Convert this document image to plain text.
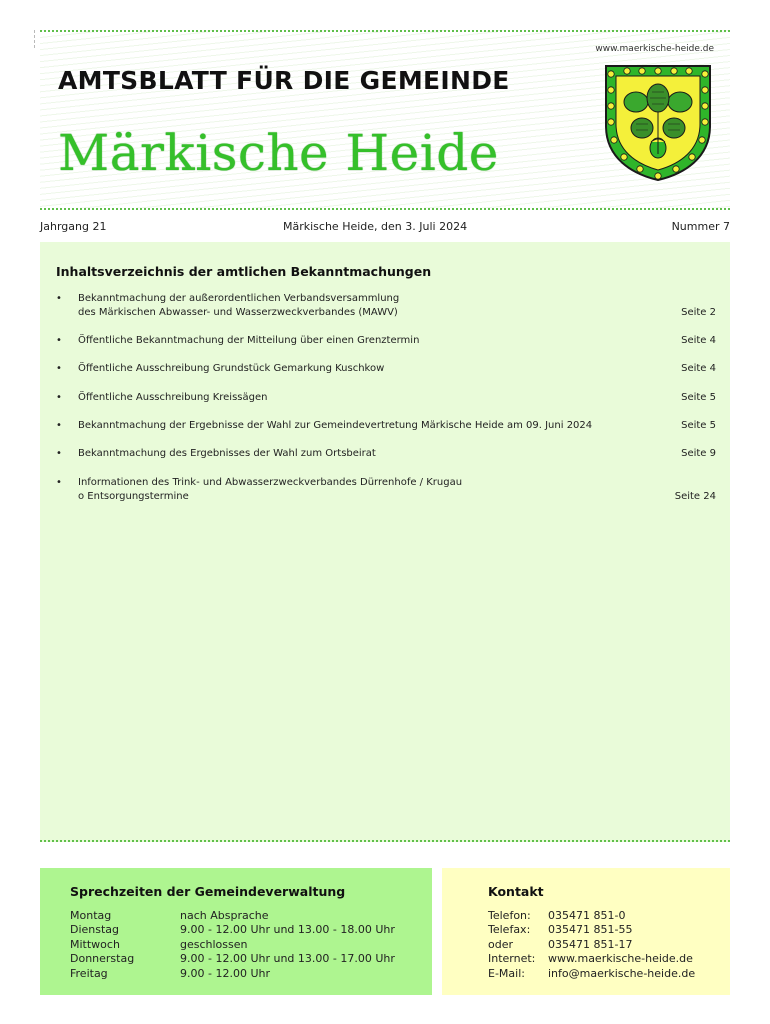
www.maerkische-heide.de
AMTSBLATT FÜR DIE GEMEINDE
Märkische Heide
Jahrgang 21	Märkische Heide, den 3. Juli 2024	Nummer 7
Inhaltsverzeichnis der amtlichen Bekanntmachungen
• Bekanntmachung der außerordentlichen Verbandsversammlung
des Märkischen Abwasser- und Wasserzweckverbandes (MAWV)	Seite 2
• Öffentliche Bekanntmachung der Mitteilung über einen Grenztermin	Seite 4
• Öffentliche Ausschreibung Grundstück Gemarkung Kuschkow	Seite 4
• Öffentliche Ausschreibung Kreissägen	Seite 5
• Bekanntmachung der Ergebnisse der Wahl zur Gemeindevertretung Märkische Heide am 09. Juni 2024	Seite 5
• Bekanntmachung des Ergebnisses der Wahl zum Ortsbeirat	Seite 9
• Informationen des Trink- und Abwasserzweckverbandes Dürrenhofe / Krugau
o Entsorgungstermine	Seite 24
Sprechzeiten der Gemeindeverwaltung
Montag	nach Absprache
Dienstag	9.00 - 12.00 Uhr und 13.00 - 18.00 Uhr
Mittwoch	geschlossen
Donnerstag	9.00 - 12.00 Uhr und 13.00 - 17.00 Uhr
Freitag	9.00 - 12.00 Uhr
Kontakt
Telefon: 035471 851-0
Telefax: 035471 851-55
oder	035471 851-17
Internet: www.maerkische-heide.de
E-Mail: info@maerkische-heide.de
